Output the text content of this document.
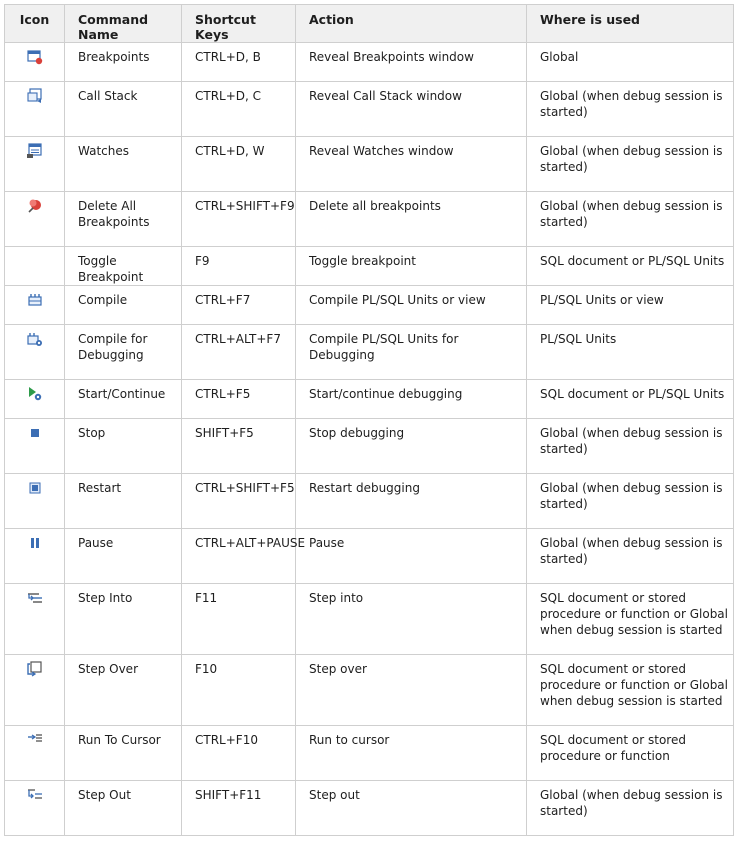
Icon	Command Name	Shortcut Keys	Action	Where is used

	Breakpoints	CTRL+D, B	Reveal Breakpoints window	Global

	Call Stack	CTRL+D, C	Reveal Call Stack window	Global (when debug session is started)

	Watches	CTRL+D, W	Reveal Watches window	Global (when debug session is started)

	Delete All Breakpoints	CTRL+SHIFT+F9	Delete all breakpoints	Global (when debug session is started)
	Toggle Breakpoint	F9	Toggle breakpoint	SQL document or PL/SQL Units

	Compile	CTRL+F7	Compile PL/SQL Units or view	PL/SQL Units or view

	Compile for Debugging	CTRL+ALT+F7	Compile PL/SQL Units for Debugging	PL/SQL Units

	Start/Continue	CTRL+F5	Start/continue debugging	SQL document or PL/SQL Units

	Stop	SHIFT+F5	Stop debugging	Global (when debug session is started)

	Restart	CTRL+SHIFT+F5	Restart debugging	Global (when debug session is started)

	Pause	CTRL+ALT+PAUSE	Pause	Global (when debug session is started)

	Step Into	F11	Step into	SQL document or stored procedure or function or Global when debug session is started

	Step Over	F10	Step over	SQL document or stored procedure or function or Global when debug session is started

	Run To Cursor	CTRL+F10	Run to cursor	SQL document or stored procedure or function

	Step Out	SHIFT+F11	Step out	Global (when debug session is started)
